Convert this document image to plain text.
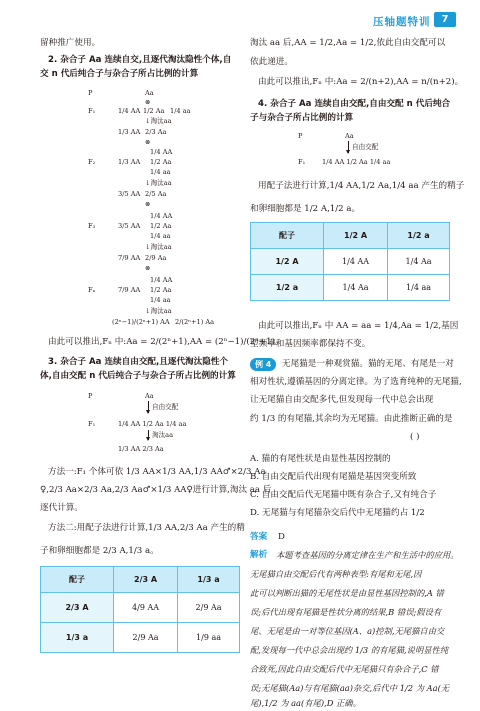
压轴题特训	7
留种推广使用。
2. 杂合子 Aa 连续自交,且逐代淘汰隐性个体,自
交 n 代后纯合子与杂合子所占比例的计算
P	Aa
⊗
F₁	1/4 AA 1/2 Aa 1/4 aa
↓淘汰aa
1/3 AA 2/3 Aa
⊗
F₂	1/3 AA
1/4 AA
1/2 Aa
1/4 aa
↓淘汰aa
3/5 AA 2/5 Aa
⊗
F₃	3/5 AA
1/4 AA
1/2 Aa
1/4 aa
↓淘汰aa
7/9 AA 2/9 Aa
⊗
Fₙ	7/9 AA
1/4 AA
1/2 Aa
1/4 aa
↓淘汰aa
(2ⁿ−1)/(2ⁿ+1) AA 2/(2ⁿ+1) Aa
由此可以推出,Fₙ 中:Aa = 2/(2ⁿ+1),AA = (2ⁿ−1)/(2ⁿ+1)。
3. 杂合子 Aa 连续自由交配,且逐代淘汰隐性个
体,自由交配 n 代后纯合子与杂合子所占比例的计算
P	Aa
自由交配
F₁	1/4 AA 1/2 Aa 1/4 aa
淘汰aa
1/3 AA 2/3 Aa
方法一:F₁ 个体可依 1/3 AA×1/3 AA,1/3 AA♂×2/3 Aa
♀,2/3 Aa×2/3 Aa,2/3 Aa♂×1/3 AA♀进行计算,淘汰 aa 后
逐代计算。
方法二:用配子法进行计算,1/3 AA,2/3 Aa 产生的精
子和卵细胞都是 2/3 A,1/3 a。
配子	2/3 A	1/3 a
2/3 A	4/9 AA	2/9 Aa
1/3 a	2/9 Aa	1/9 aa
淘汰 aa 后,AA = 1/2,Aa = 1/2,依此自由交配可以
依此递进。
由此可以推出,Fₙ 中:Aa = 2/(n+2),AA = n/(n+2)。
4. 杂合子 Aa 连续自由交配,自由交配 n 代后纯合
子与杂合子所占比例的计算
P	Aa
自由交配
F₁	1/4 AA 1/2 Aa 1/4 aa
用配子法进行计算,1/4 AA,1/2 Aa,1/4 aa 产生的精子
和卵细胞都是 1/2 A,1/2 a。
配子	1/2 A	1/2 a
1/2 A	1/4 AA	1/4 Aa
1/2 a	1/4 Aa	1/4 aa
由此可以推出,Fₙ 中 AA = aa = 1/4,Aa = 1/2,基因
型频率和基因频率都保持不变。
例 4	无尾猫是一种观赏猫。猫的无尾、有尾是一对
相对性状,遵循基因的分离定律。为了选育纯种的无尾猫,
让无尾猫自由交配多代,但发现每一代中总会出现
约 1/3 的有尾猫,其余均为无尾猫。由此推断正确的是
( )
A. 猫的有尾性状是由显性基因控制的
B. 自由交配后代出现有尾猫是基因突变所致
C. 自由交配后代无尾猫中既有杂合子,又有纯合子
D. 无尾猫与有尾猫杂交后代中无尾猫约占 1/2
答案 D
解析 本题考查基因的分离定律在生产和生活中的应用。
无尾猫自由交配后代有两种表型:有尾和无尾,因
此可以判断出猫的无尾性状是由显性基因控制的,A 错
误;后代出现有尾猫是性状分离的结果,B 错误;假设有
尾、无尾是由一对等位基因(A、a)控制,无尾猫自由交
配,发现每一代中总会出现约 1/3 的有尾猫,说明显性纯
合致死,因此自由交配后代中无尾猫只有杂合子,C 错
误;无尾猫(Aa)与有尾猫(aa)杂交,后代中 1/2 为 Aa(无
尾),1/2 为 aa(有尾),D 正确。
